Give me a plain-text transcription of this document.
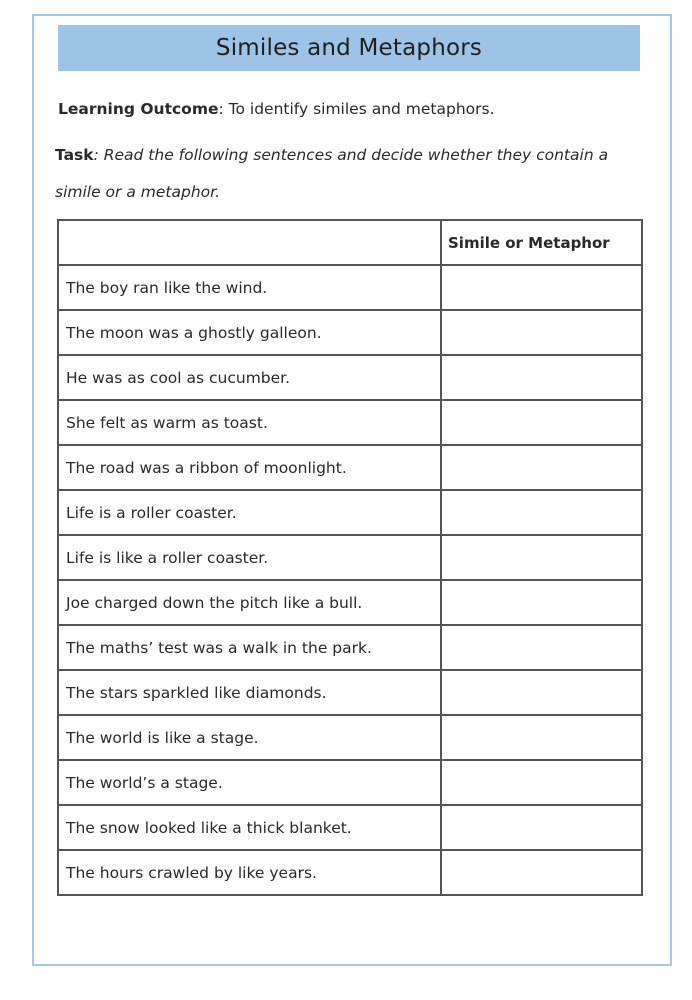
Similes and Metaphors
Learning Outcome: To identify similes and metaphors.
Task: Read the following sentences and decide whether they contain a simile or a metaphor.
	Simile or Metaphor
The boy ran like the wind.	
The moon was a ghostly galleon.	
He was as cool as cucumber.	
She felt as warm as toast.	
The road was a ribbon of moonlight.	
Life is a roller coaster.	
Life is like a roller coaster.	
Joe charged down the pitch like a bull.	
The maths’ test was a walk in the park.	
The stars sparkled like diamonds.	
The world is like a stage.	
The world’s a stage.	
The snow looked like a thick blanket.	
The hours crawled by like years.	
